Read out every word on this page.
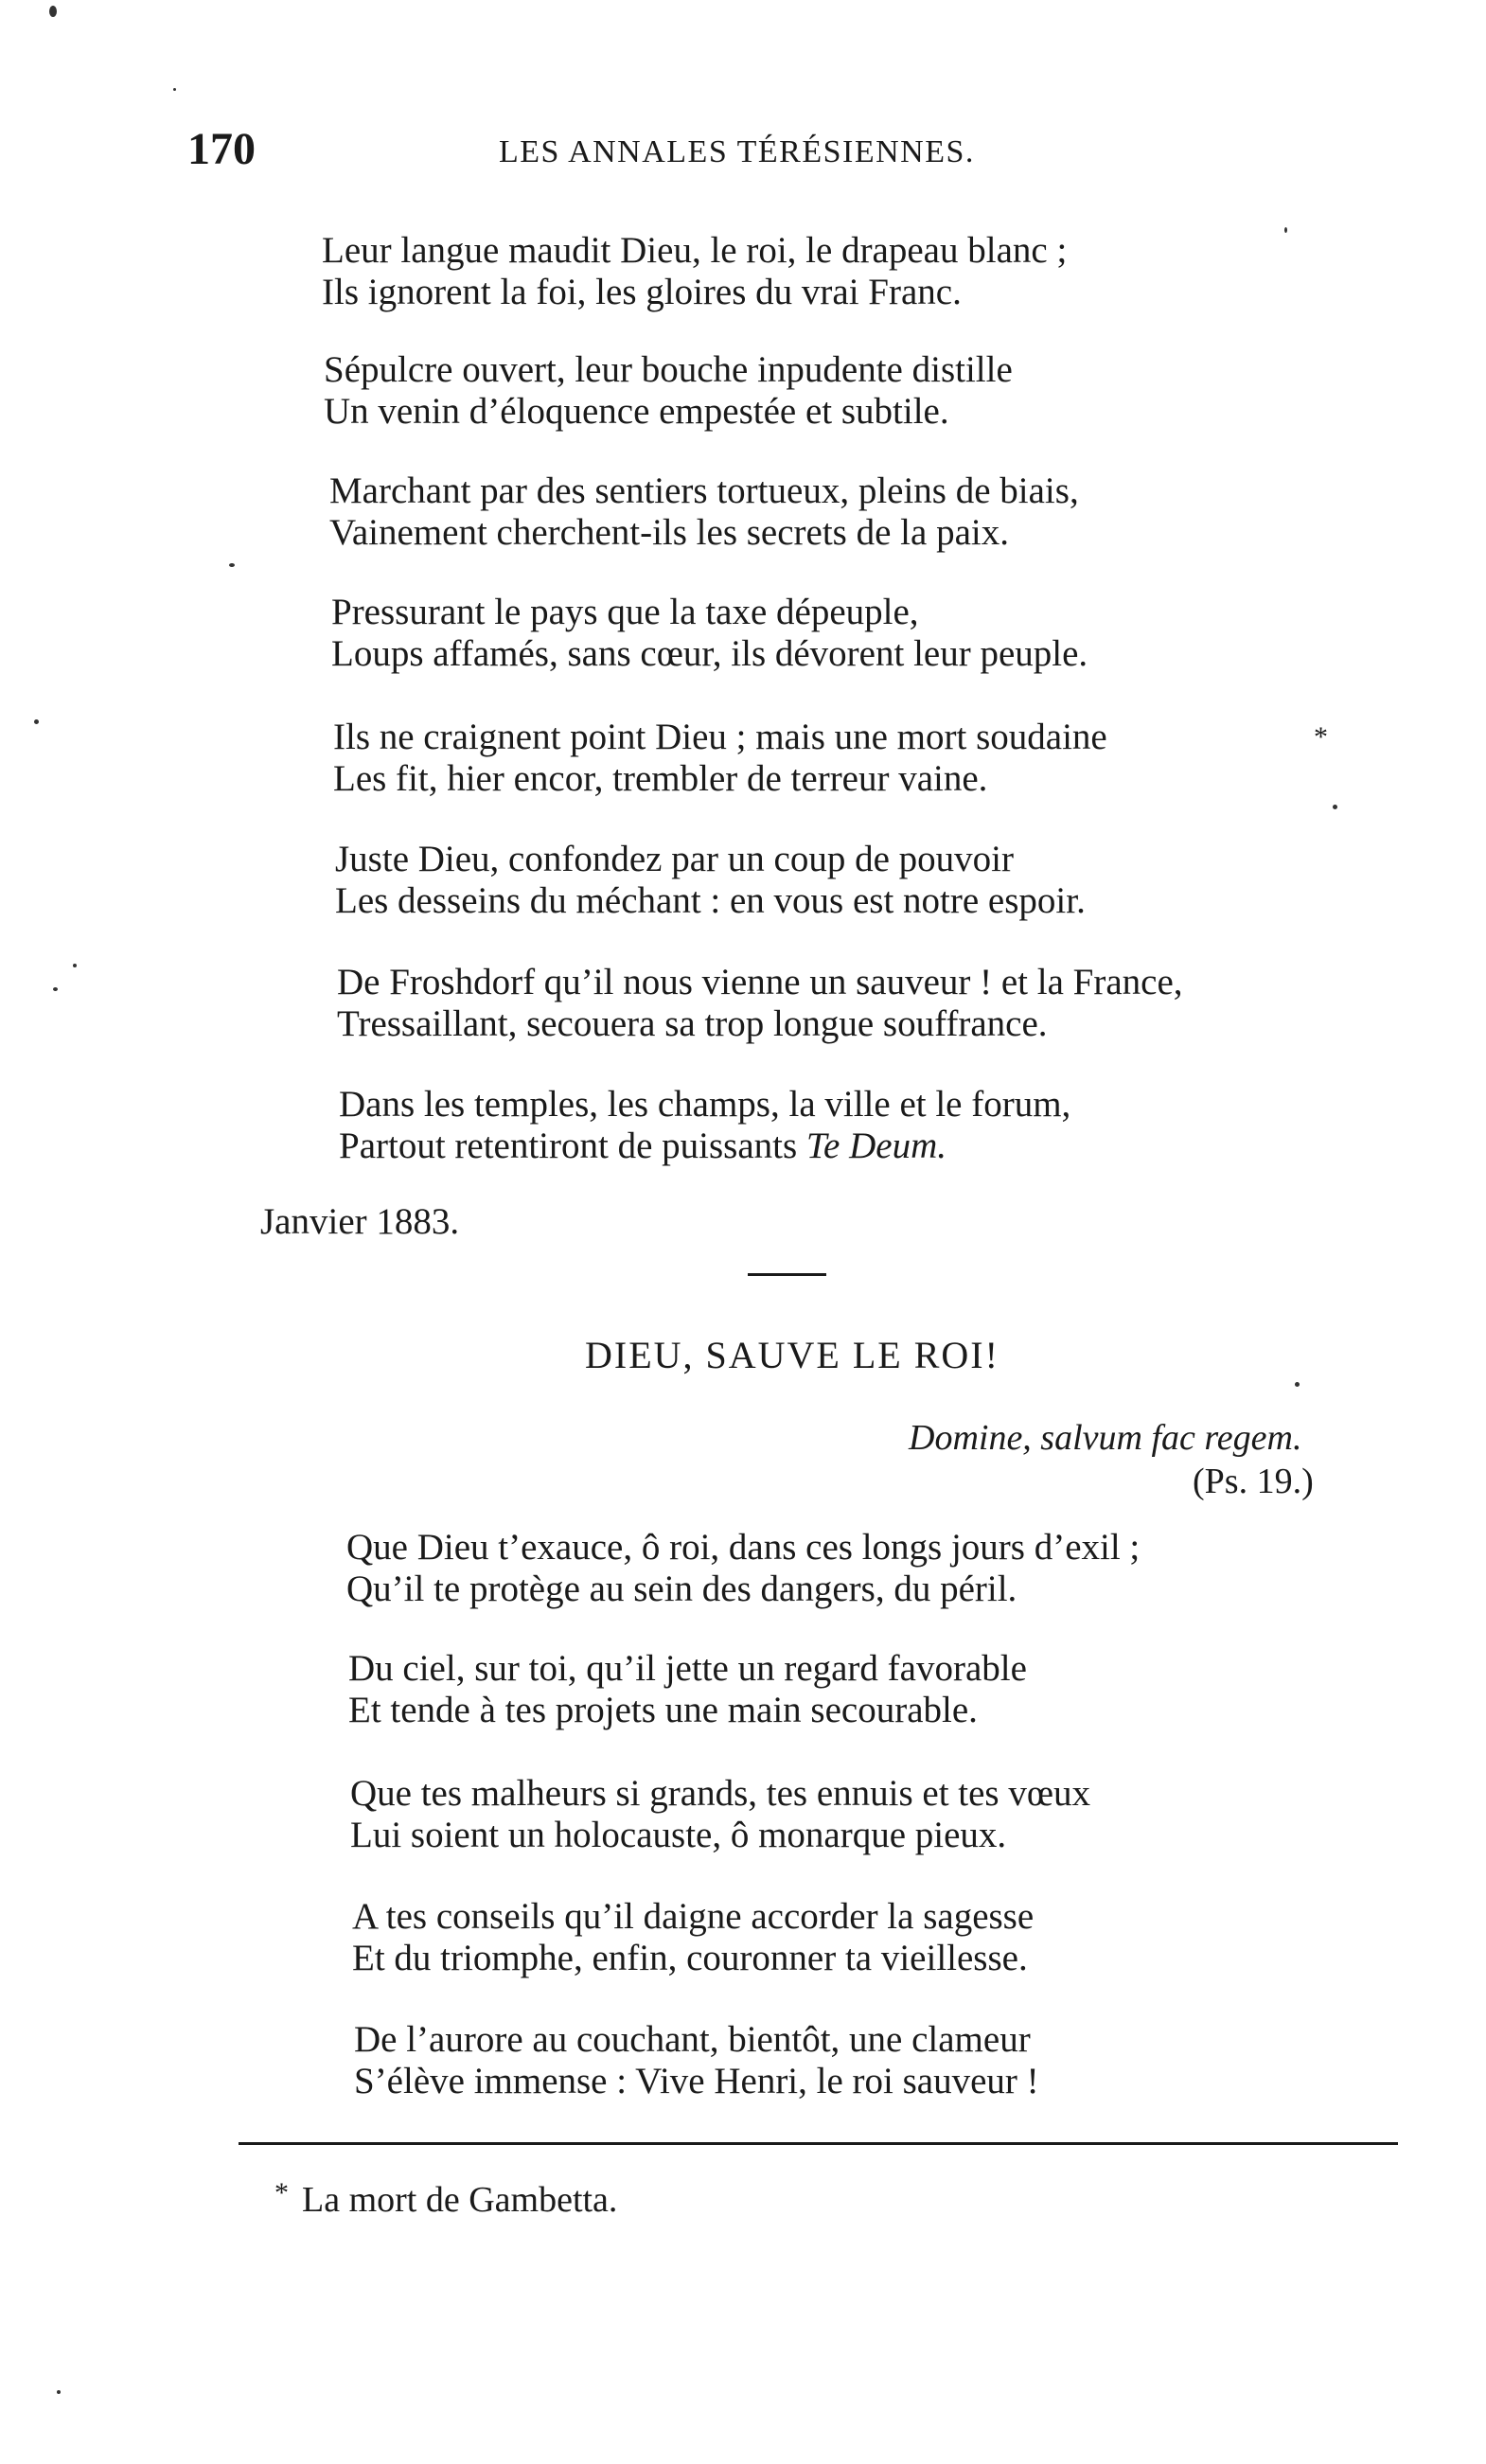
170	LES ANNALES TÉRÉSIENNES.
Leur langue maudit Dieu, le roi, le drapeau blanc ;
Ils ignorent la foi, les gloires du vrai Franc.
Sépulcre ouvert, leur bouche inpudente distille
Un venin d’éloquence empestée et subtile.
Marchant par des sentiers tortueux, pleins de biais,
Vainement cherchent-ils les secrets de la paix.
Pressurant le pays que la taxe dépeuple,
Loups affamés, sans cœur, ils dévorent leur peuple.
Ils ne craignent point Dieu ; mais une mort soudaine	*
Les fit, hier encor, trembler de terreur vaine.
Juste Dieu, confondez par un coup de pouvoir
Les desseins du méchant : en vous est notre espoir.
De Froshdorf qu’il nous vienne un sauveur ! et la France,
Tressaillant, secouera sa trop longue souffrance.
Dans les temples, les champs, la ville et le forum,
Partout retentiront de puissants Te Deum.
Janvier 1883.
DIEU, SAUVE LE ROI!
Domine, salvum fac regem.
(Ps. 19.)
Que Dieu t’exauce, ô roi, dans ces longs jours d’exil ;
Qu’il te protège au sein des dangers, du péril.
Du ciel, sur toi, qu’il jette un regard favorable
Et tende à tes projets une main secourable.
Que tes malheurs si grands, tes ennuis et tes vœux
Lui soient un holocauste, ô monarque pieux.
A tes conseils qu’il daigne accorder la sagesse
Et du triomphe, enfin, couronner ta vieillesse.
De l’aurore au couchant, bientôt, une clameur
S’élève immense : Vive Henri, le roi sauveur !
* La mort de Gambetta.
